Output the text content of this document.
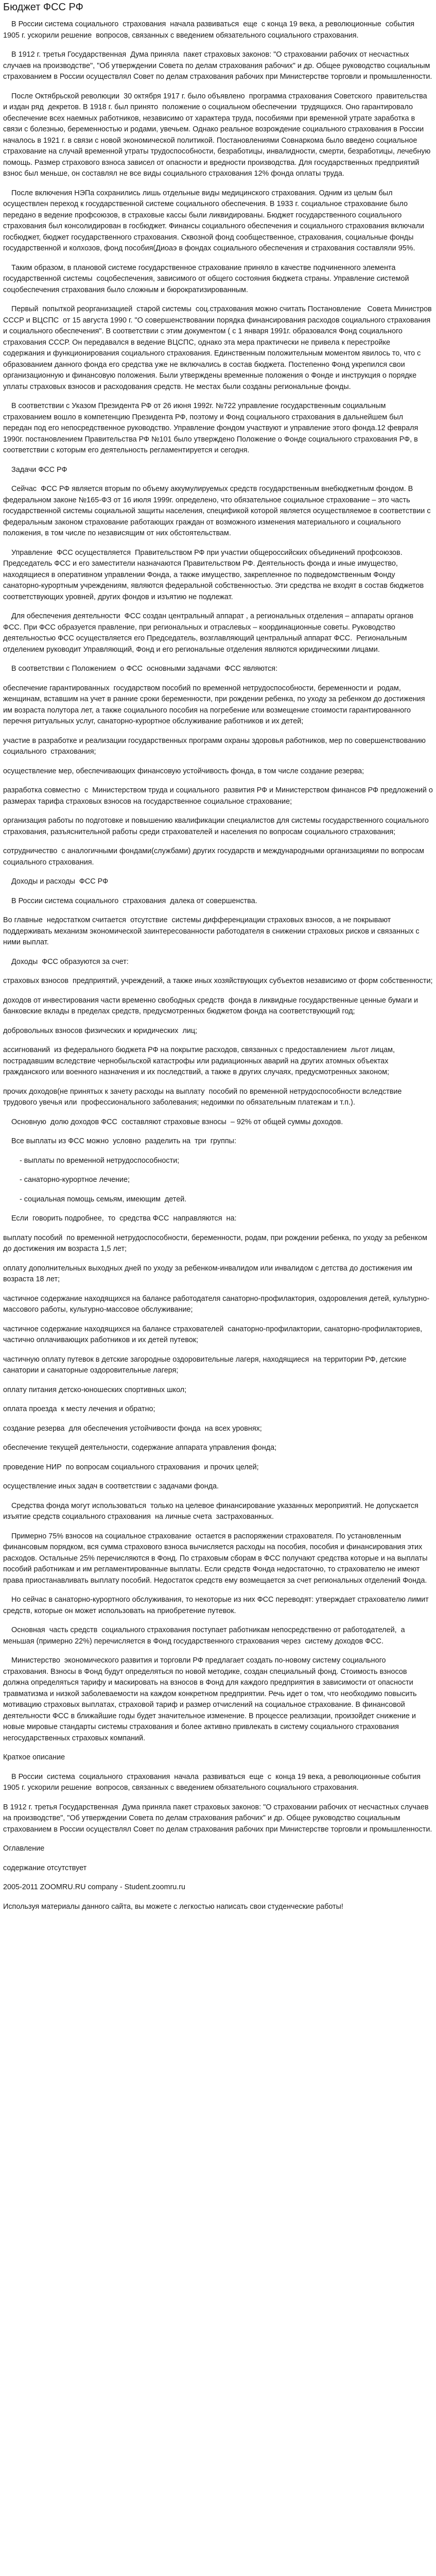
Бюджет ФСС РФ

В России система социального  страхования  начала развиваться  еще  с конца 19 века, а революционные  события 1905 г. ускорили решение  вопросов, связанных с введением обязательного социального страхования.

В 1912 г. третья Государственная  Дума приняла  пакет страховых законов: "О страховании рабочих от несчастных случаев на производстве", "Об утверждении Совета по делам страхования рабочих" и др. Общее руководство социальным страхованием в России осуществлял Совет по делам страхования рабочих при Министерстве торговли и промышленности.

После Октябрьской революции  30 октября 1917 г. было объявлено  программа страхования Советского  правительства и издан ряд  декретов. В 1918 г. был принято  положение о социальном обеспечении  трудящихся. Оно гарантировало обеспечение всех наемных работников, независимо от характера труда, пособиями при временной утрате заработка в связи с болезнью, беременностью и родами, увечьем. Однако реальное возрождение социального страхования в России началось в 1921 г. в связи с новой экономической политикой. Постановлениями Совнаркома было введено социальное страхование на случай временной утраты трудоспособности, безработицы, инвалидности, смерти, безработицы, лечебную помощь. Размер страхового взноса зависел от опасности и вредности производства. Для государственных предприятий взнос был меньше, он составлял не все виды социального страхования 12% фонда оплаты труда.

После включения НЭПа сохранились лишь отдельные виды медицинского страхования. Одним из целым был осуществлен переход к государственной системе социального обеспечения. В 1933 г. социальное страхование было передано в ведение профсоюзов, в страховые кассы были ликвидированы. Бюджет государственного социального страхования был консолидирован в госбюджет. Финансы социального обеспечения и социального страхования включали госбюджет, бюджет государственного страхования. Сквозной фонд сообщественное, страхования, социальные фонды государственной и колхозов, фонд пособия(Диоаэ в фондах социального обеспечения и страхования составляли 95%.

Таким образом, в плановой системе государственное страхование приняло в качестве подчиненного элемента  государственной системы  соцобеспечения, зависимого от общего состояния бюджета страны. Управление системой соцобеспечения страхования было сложным и бюрократизированным.

Первый  попыткой реорганизацией  старой системы  соц.страхования можно считать Постановление   Совета Министров СССР и ВЦСПС  от 15 августа 1990 г. "О совершенствовании порядка финансирования расходов социального страхования и социального обеспечения". В соответствии с этим документом ( с 1 января 1991г. образовался Фонд социального страхования СССР. Он передавался в ведение ВЦСПС, однако эта мера практически не привела к перестройке содержания и функционирования социального страхования. Единственным положительным моментом явилось то, что с образованием данного фонда его средства уже не включались в состав бюджета. Постепенно Фонд укрепился свои организационную и финансовую положения. Были утверждены временные положения о Фонде и инструкция о порядке уплаты страховых взносов и расходования средств. Не местах были созданы региональные фонды.

В соответствии с Указом Президента РФ от 26 июня 1992г. №722 управление государственным социальным страхованием вошло в компетенцию Президента РФ, поэтому и Фонд социального страхования в дальнейшем был передан под его непосредственное руководство. Управление фондом участвуют и управление этого фонда.12 февраля 1990г. постановлением Правительства РФ №101 было утверждено Положение о Фонде социального страхования РФ, в соответствии с которым его деятельность регламентируется и сегодня.

Задачи ФСС РФ

Сейчас  ФСС РФ является вторым по объему аккумулируемых средств государственным внебюджетным фондом. В федеральном законе №165-ФЗ от 16 июля 1999г. определено, что обязательное социальное страхование – это часть государственной системы социальной защиты населения, спецификой которой является осуществляемое в соответствии с федеральным законом страхование работающих граждан от возможного изменения материального и социального положения, в том числе по независящим от них обстоятельствам.

Управление  ФСС осуществляется  Правительством РФ при участии общероссийских объединений профсоюзов. Председатель ФСС и его заместители назначаются Правительством РФ. Деятельность фонда и иные имущество, находящиеся в оперативном управлении Фонда, а также имущество, закрепленное по подведомственным Фонду санаторно-курортным учреждениям, являются федеральной собственностью. Эти средства не входят в состав бюджетов соответствующих уровней, других фондов и изъятию не подлежат.

Для обеспечения деятельности  ФСС создан центральный аппарат , а региональных отделения – аппараты органов ФСС. При ФСС образуется правление, при региональных и отраслевых – координационные советы. Руководство деятельностью ФСС осуществляется его Председатель, возглавляющий центральный аппарат ФСС.  Региональным отделением руководит Управляющий, Фонд и его региональные отделения являются юридическими лицами.

В соответствии с Положением  о ФСС  основными задачами  ФСС являются:

обеспечение гарантированных  государством пособий по временной нетрудоспособности, беременности и  родам, женщинам, вставшим на учет в ранние сроки беременности, при рождении ребенка, по уходу за ребенком до достижения им возраста полутора лет, а также социального пособия на погребение или возмещение стоимости гарантированного перечня ритуальных услуг, санаторно-курортное обслуживание работников и их детей;

участие в разработке и реализации государственных программ охраны здоровья работников, мер по совершенствованию социального  страхования;

осуществление мер, обеспечивающих финансовую устойчивость фонда, в том числе создание резерва;

разработка совместно  с  Министерством труда и социального  развития РФ и Министерством финансов РФ предложений о размерах тарифа страховых взносов на государственное социальное страхование;

организация работы по подготовке и повышению квалификации специалистов для системы государственного социального страхования, разъяснительной работы среди страхователей и населения по вопросам социального страхования;

сотрудничество  с аналогичными фондами(службами) других государств и международными организациями по вопросам социального страхования.

Доходы и расходы  ФСС РФ

В России система социального  страхования  далека от совершенства.

Во главные  недостатком считается  отсутствие  системы дифференциации страховых взносов, а не покрывают поддерживать механизм экономической заинтересованности работодателя в снижении страховых рисков и связанных с ними выплат.

Доходы  ФСС образуются за счет:

страховых взносов  предприятий, учреждений, а также иных хозяйствующих субъектов независимо от форм собственности;

доходов от инвестирования части временно свободных средств  фонда в ликвидные государственные ценные бумаги и банковские вклады в пределах средств, предусмотренных бюджетом фонда на соответствующий год;

добровольных взносов физических и юридических  лиц;

ассигнований  из федерального бюджета РФ на покрытие расходов, связанных с предоставлением  льгот лицам, пострадавшим вследствие чернобыльской катастрофы или радиационных аварий на других атомных объектах гражданского или военного назначения и их последствий, а также в других случаях, предусмотренных законом;

прочих доходов(не принятых к зачету расходы на выплату  пособий по временной нетрудоспособности вследствие трудового увечья или  профессионального заболевания; недоимки по обязательным платежам и т.п.).

Основную  долю доходов ФСС  составляют страховые взносы  – 92% от общей суммы доходов.

Все выплаты из ФСС можно  условно  разделить на  три  группы:

- выплаты по временной нетрудоспособности;

- санаторно-курортное лечение;

- социальная помощь семьям, имеющим  детей.

Если  говорить подробнее,  то  средства ФСС  направляются  на:

выплату пособий  по временной нетрудоспособности, беременности, родам, при рождении ребенка, по уходу за ребенком до достижения им возраста 1,5 лет;

оплату дополнительных выходных дней по уходу за ребенком-инвалидом или инвалидом с детства до достижения им возраста 18 лет;

частичное содержание находящихся на балансе работодателя санаторно-профилактория, оздоровления детей, культурно-массового работы, культурно-массовое обслуживание;

частичное содержание находящихся на балансе страхователей  санаторно-профилактории, санаторно-профилакториев, частично оплачивающих работников и их детей путевок;

частичную оплату путевок в детские загородные оздоровительные лагеря, находящиеся  на территории РФ, детские санатории и санаторные оздоровительные лагеря;

оплату питания детско-юношеских спортивных школ;

оплата проезда  к месту лечения и обратно;

создание резерва  для обеспечения устойчивости фонда  на всех уровнях;

обеспечение текущей деятельности, содержание аппарата управления фонда;

проведение НИР  по вопросам социального страхования  и прочих целей;

осуществление иных задач в соответствии с задачами фонда.

Средства фонда могут использоваться  только на целевое финансирование указанных мероприятий. Не допускается  изъятие средств социального страхования  на личные счета  застрахованных.

Примерно 75% взносов на социальное страхование  остается в распоряжении страхователя. По установленным финансовым порядком, вся сумма страхового взноса вычисляется расходы на пособия, пособия и финансирования этих расходов. Остальные 25% перечисляются в Фонд. По страховым сборам в ФСС получают средства которые и на выплаты пособий работникам и им регламентированные выплаты. Если средств Фонда недостаточно, то страхователю не имеют права приостанавливать выплату пособий. Недостаток средств ему возмещается за счет региональных отделений Фонда.

Но сейчас в санаторно-курортного обслуживания, то некоторые из них ФСС переводят: утверждает страхователю лимит средств, которые он может использовать на приобретение путевок.

Основная  часть средств  социального страхования поступает работникам непосредственно от работодателей,  а меньшая (примерно 22%) перечисляется в Фонд государственного страхования через  систему доходов ФСС.

Министерство  экономического развития и торговли РФ предлагает создать по-новому систему социального страхования. Взносы в Фонд будут определяться по новой методике, создан специальный фонд. Стоимость взносов  должна определяться тарифу и маскировать на взносов в Фонд для каждого предприятия в зависимости от опасности травматизма и низкой заболеваемости на каждом конкретном предприятии. Речь идет о том, что необходимо повысить мотивацию страховых выплатах, страховой тариф и размер отчислений на социальное страхование. В финансовой деятельности ФСС в ближайшие годы будет значительное изменение. В процессе реализации, произойдет снижение и новые мировые стандарты системы страхования и более активно привлекать в систему социального страхования негосударственных страховых компаний.

Краткое описание

В России  система  социального  страхования  начала  развиваться  еще  с  конца 19 века, а революционные события 1905 г. ускорили решение  вопросов, связанных с введением обязательного социального страхования.

В 1912 г. третья Государственная  Дума приняла пакет страховых законов: "О страховании рабочих от несчастных случаев на производстве", "Об утверждении Совета по делам страхования рабочих" и др. Общее руководство социальным страхованием в России осуществлял Совет по делам страхования рабочих при Министерстве торговли и промышленности.

Оглавление

содержание отсутствует

2005-2011 ZOOMRU.RU company - Student.zoomru.ru

Используя материалы данного сайта, вы можете с легкостью написать свои студенческие работы!
